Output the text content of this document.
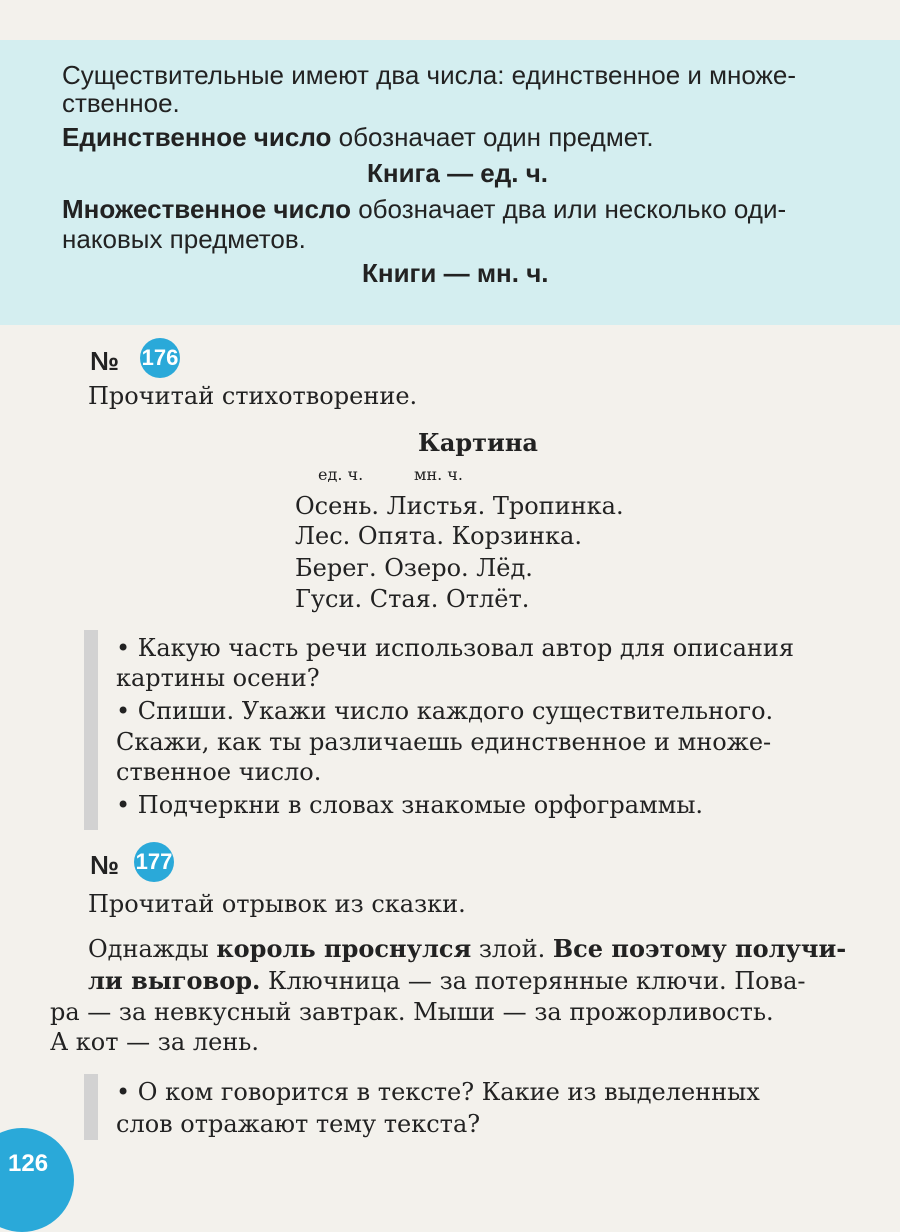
Существительные имеют два числа: единственное и множе-
ственное.
Единственное число обозначает один предмет.
Книга — ед. ч.
Множественное число обозначает два или несколько оди-
наковых предметов.
Книги — мн. ч.
№ 176
Прочитай стихотворение.
Картина
ед. ч.	мн. ч.
Осень. Листья. Тропинка.
Лес. Опята. Корзинка.
Берег. Озеро. Лёд.
Гуси. Стая. Отлёт.
• Какую часть речи использовал автор для описания
картины осени?
• Спиши. Укажи число каждого существительного.
Скажи, как ты различаешь единственное и множе-
ственное число.
• Подчеркни в словах знакомые орфограммы.
№ 177
Прочитай отрывок из сказки.
Однажды король проснулся злой. Все поэтому получи-
ли выговор. Ключница — за потерянные ключи. Пова-
ра — за невкусный завтрак. Мыши — за прожорливость.
А кот — за лень.
• О ком говорится в тексте? Какие из выделенных
слов отражают тему текста?
126
